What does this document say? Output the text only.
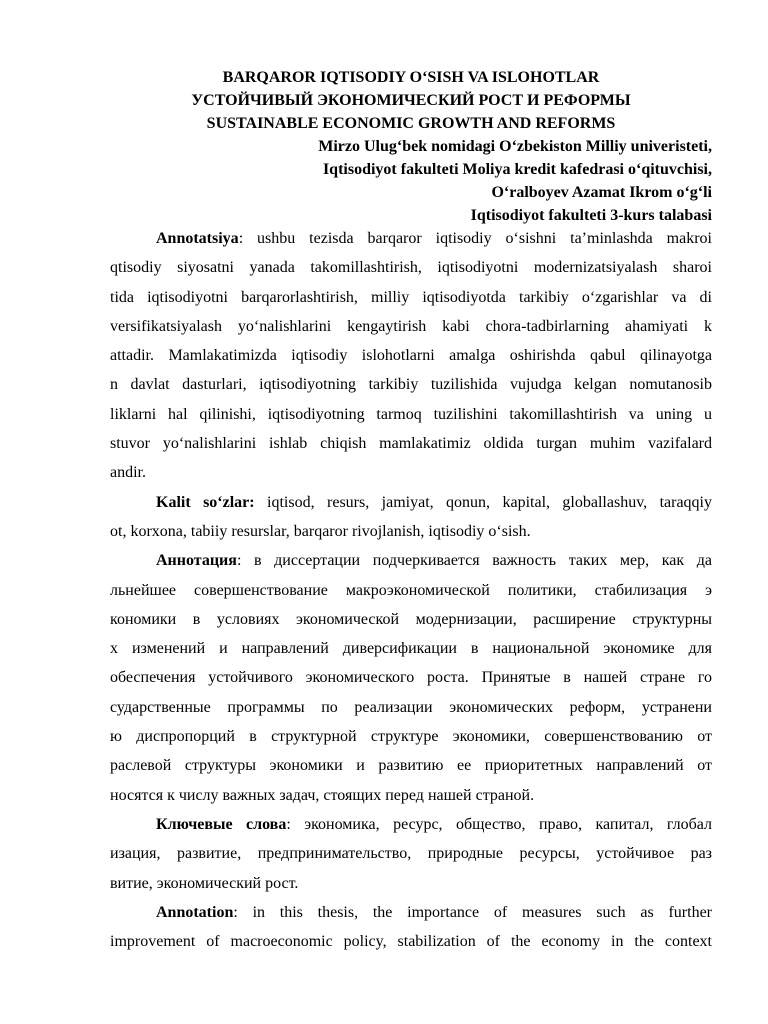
BARQAROR IQTISODIY O‘SISH VA ISLOHOTLAR

УСТОЙЧИВЫЙ ЭКОНОМИЧЕСКИЙ РОСТ И РЕФОРМЫ

SUSTAINABLE ECONOMIC GROWTH AND REFORMS

Mirzo Ulug‘bek nomidagi O‘zbekiston Milliy univeristeti,

Iqtisodiyot fakulteti Moliya kredit kafedrasi o‘qituvchisi,

O‘ralboyev Azamat Ikrom o‘g‘li

Iqtisodiyot fakulteti 3-kurs talabasi

Annotatsiya: ushbu tezisda barqaror iqtisodiy o‘sishni ta’minlashda makroi
qtisodiy siyosatni yanada takomillashtirish, iqtisodiyotni modernizatsiyalash sharoi
tida iqtisodiyotni barqarorlashtirish, milliy iqtisodiyotda tarkibiy o‘zgarishlar va di
versifikatsiyalash yo‘nalishlarini kengaytirish kabi chora-tadbirlarning ahamiyati k
attadir. Mamlakatimizda iqtisodiy islohotlarni amalga oshirishda qabul qilinayotga
n davlat dasturlari, iqtisodiyotning tarkibiy tuzilishida vujudga kelgan nomutanosib
liklarni hal qilinishi, iqtisodiyotning tarmoq tuzilishini takomillashtirish va uning u
stuvor yo‘nalishlarini ishlab chiqish mamlakatimiz oldida turgan muhim vazifalard
andir.
Kalit so‘zlar: iqtisod, resurs, jamiyat, qonun, kapital, globallashuv, taraqqiy
ot, korxona, tabiiy resurslar, barqaror rivojlanish, iqtisodiy o‘sish.
Аннотация: в диссертации подчеркивается важность таких мер, как да
льнейшее совершенствование макроэкономической политики, стабилизация э
кономики в условиях экономической модернизации, расширение структурны
х изменений и направлений диверсификации в национальной экономике для
обеспечения устойчивого экономического роста. Принятые в нашей стране го
сударственные программы по реализации экономических реформ, устранени
ю диспропорций в структурной структуре экономики, совершенствованию от
раслевой структуры экономики и развитию ее приоритетных направлений от
носятся к числу важных задач, стоящих перед нашей страной.
Ключевые слова: экономика, ресурс, общество, право, капитал, глобал
изация, развитие, предпринимательство, природные ресурсы, устойчивое раз
витие, экономический рост.
Annotation: in this thesis, the importance of measures such as further
improvement of macroeconomic policy, stabilization of the economy in the context
